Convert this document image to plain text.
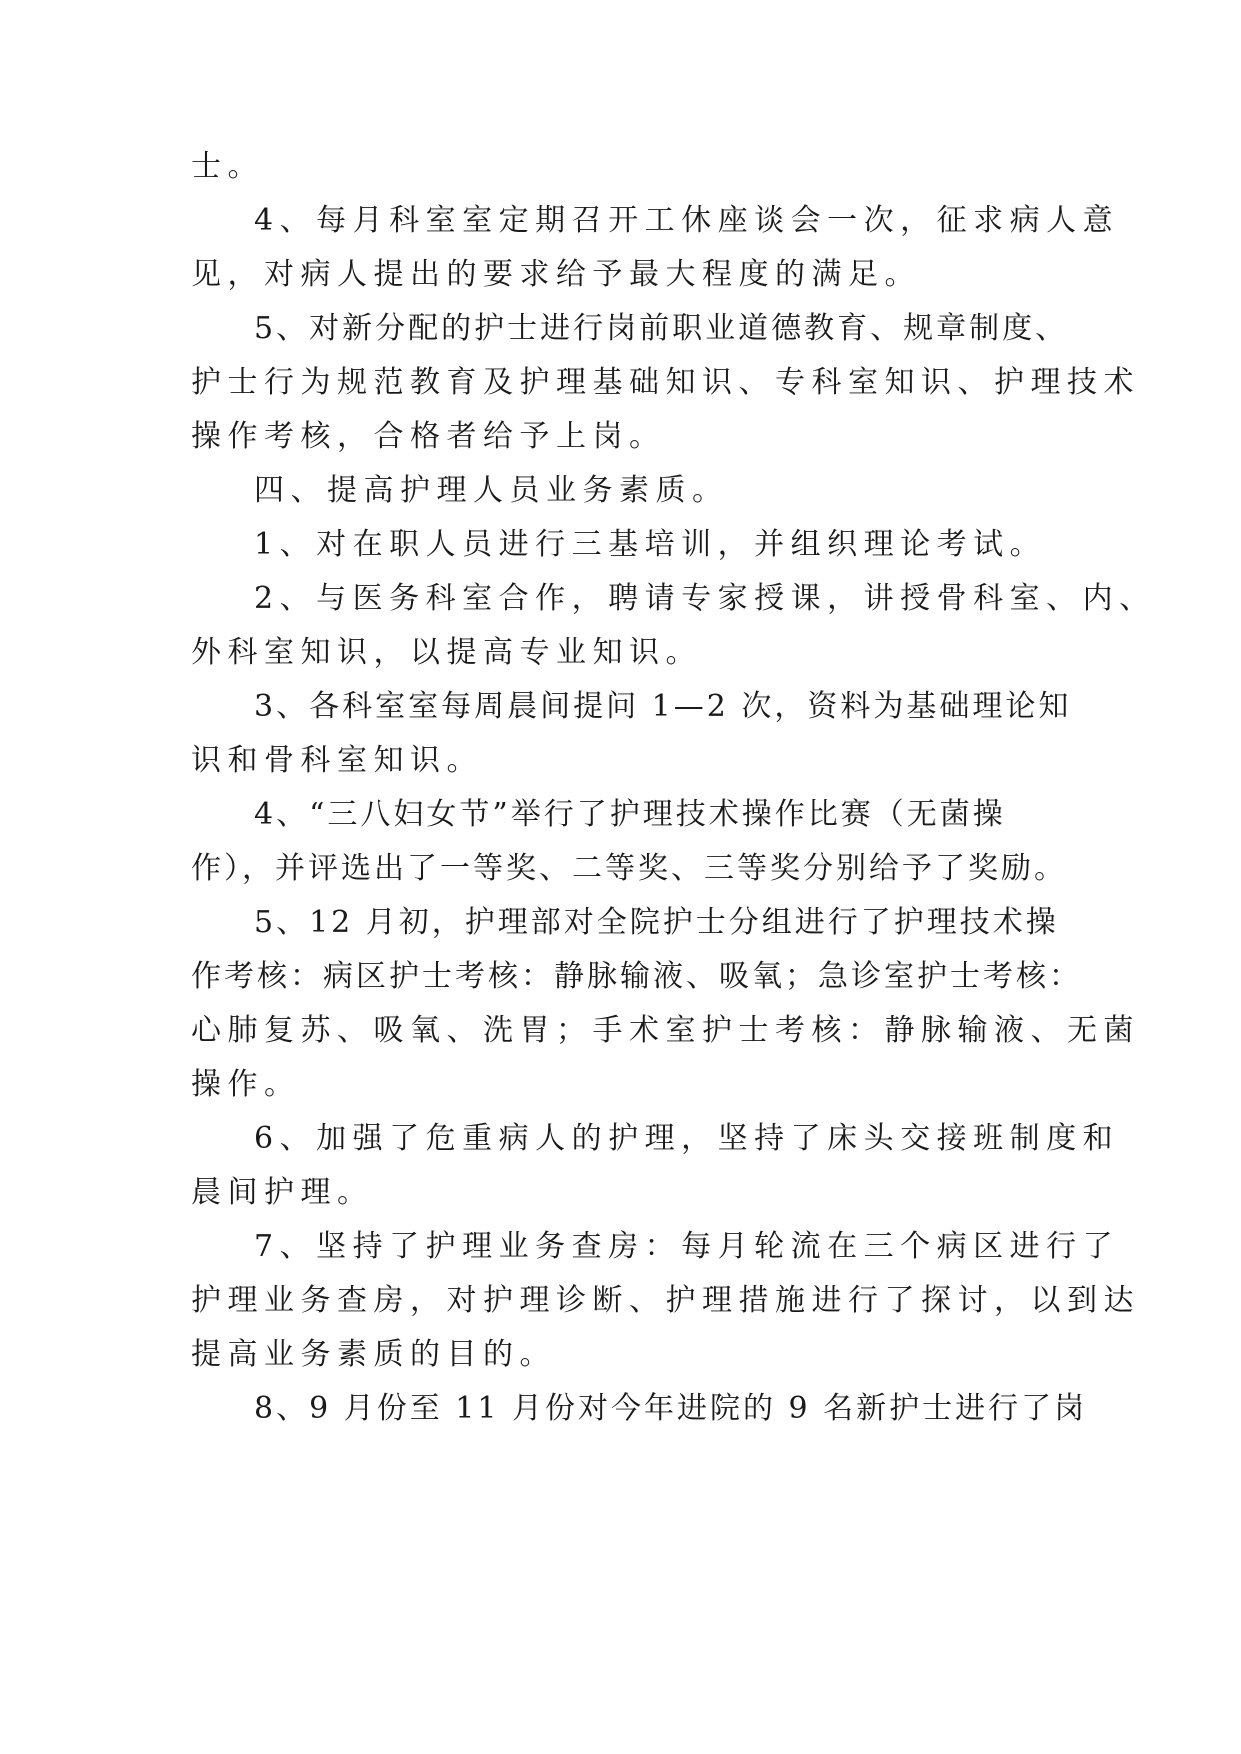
士。
4、每月科室室定期召开工休座谈会一次，征求病人意
见，对病人提出的要求给予最大程度的满足。
5、对新分配的护士进行岗前职业道德教育、规章制度、
护士行为规范教育及护理基础知识、专科室知识、护理技术
操作考核，合格者给予上岗。
四、提高护理人员业务素质。
1、对在职人员进行三基培训，并组织理论考试。
2、与医务科室合作，聘请专家授课，讲授骨科室、内、
外科室知识，以提高专业知识。
3、各科室室每周晨间提问 1—2 次，资料为基础理论知
识和骨科室知识。
4、“三八妇女节”举行了护理技术操作比赛（无菌操
作），并评选出了一等奖、二等奖、三等奖分别给予了奖励。
5、12 月初，护理部对全院护士分组进行了护理技术操
作考核：病区护士考核：静脉输液、吸氧；急诊室护士考核：
心肺复苏、吸氧、洗胃；手术室护士考核：静脉输液、无菌
操作。
6、加强了危重病人的护理，坚持了床头交接班制度和
晨间护理。
7、坚持了护理业务查房：每月轮流在三个病区进行了
护理业务查房，对护理诊断、护理措施进行了探讨，以到达
提高业务素质的目的。
8、9 月份至 11 月份对今年进院的 9 名新护士进行了岗
